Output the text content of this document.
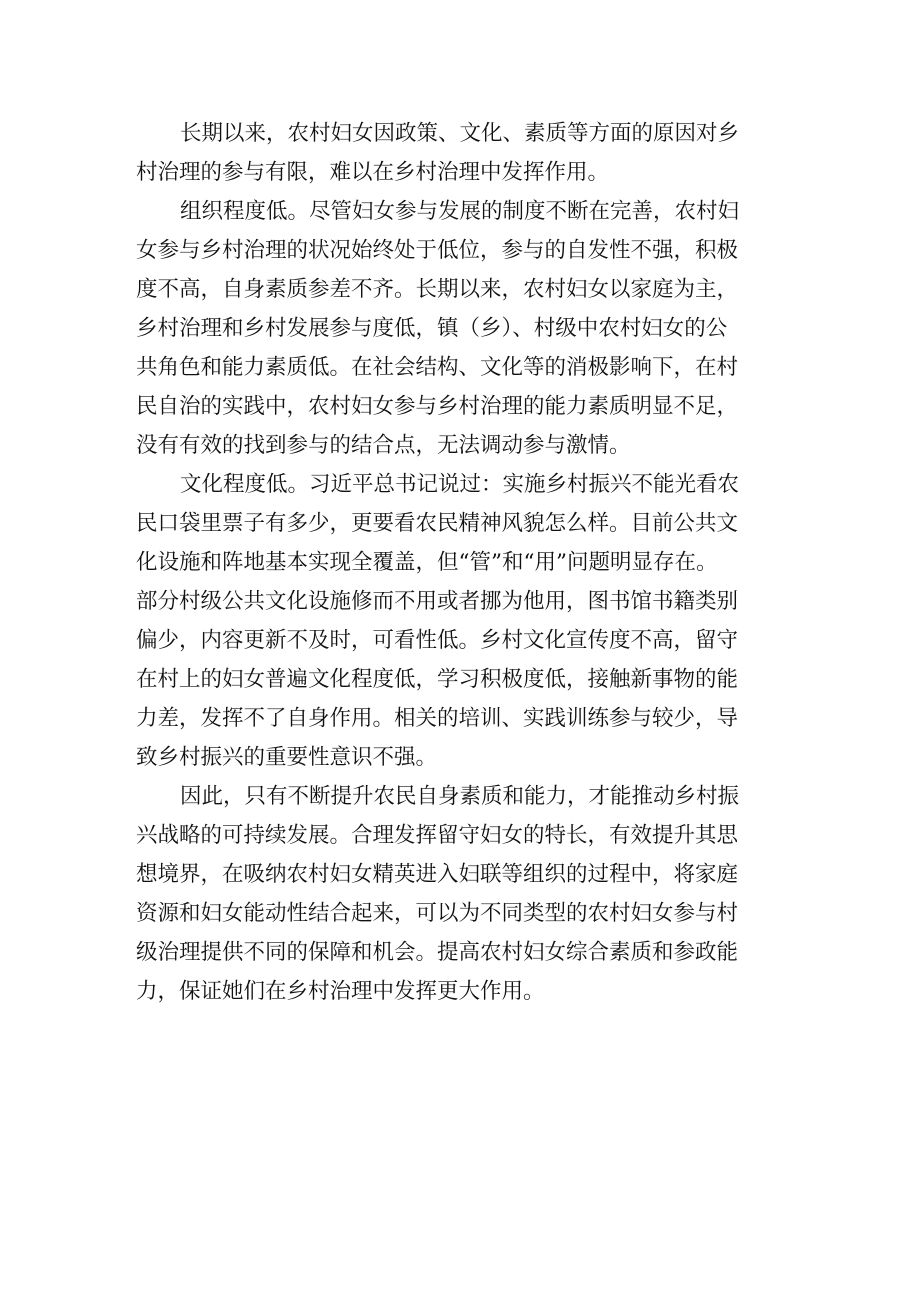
长期以来，农村妇女因政策、文化、素质等方面的原因对乡
村治理的参与有限，难以在乡村治理中发挥作用。
组织程度低。尽管妇女参与发展的制度不断在完善，农村妇
女参与乡村治理的状况始终处于低位，参与的自发性不强，积极
度不高，自身素质参差不齐。长期以来，农村妇女以家庭为主，
乡村治理和乡村发展参与度低，镇（乡）、村级中农村妇女的公
共角色和能力素质低。在社会结构、文化等的消极影响下，在村
民自治的实践中，农村妇女参与乡村治理的能力素质明显不足，
没有有效的找到参与的结合点，无法调动参与激情。
文化程度低。习近平总书记说过：实施乡村振兴不能光看农
民口袋里票子有多少，更要看农民精神风貌怎么样。目前公共文
化设施和阵地基本实现全覆盖，但“管”和“用”问题明显存在。
部分村级公共文化设施修而不用或者挪为他用，图书馆书籍类别
偏少，内容更新不及时，可看性低。乡村文化宣传度不高，留守
在村上的妇女普遍文化程度低，学习积极度低，接触新事物的能
力差，发挥不了自身作用。相关的培训、实践训练参与较少，导
致乡村振兴的重要性意识不强。
因此，只有不断提升农民自身素质和能力，才能推动乡村振
兴战略的可持续发展。合理发挥留守妇女的特长，有效提升其思
想境界，在吸纳农村妇女精英进入妇联等组织的过程中，将家庭
资源和妇女能动性结合起来，可以为不同类型的农村妇女参与村
级治理提供不同的保障和机会。提高农村妇女综合素质和参政能
力，保证她们在乡村治理中发挥更大作用。
